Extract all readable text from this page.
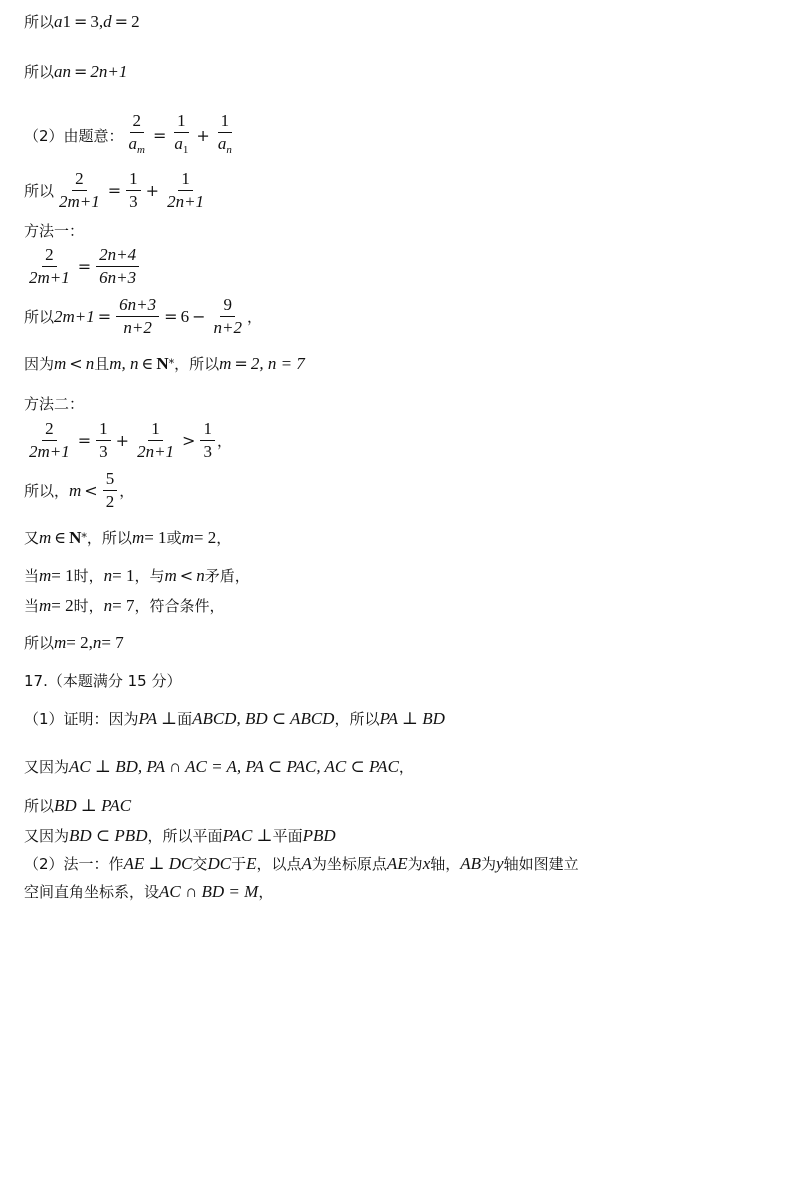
所以 a 1 = 3, d = 2
所以 a n = 2n+1
（2）由题意： $\frac{2}{a_m} = \frac{1}{a_1} + \frac{1}{a_n}$
所以 $\frac{2}{2m+1} = \frac{1}{3} + \frac{1}{2n+1}$
方法一：
$\frac{2}{2m+1} = \frac{2n+4}{6n+3}$
所以 $2m+1 = \frac{6n+3}{n+2} = 6 - \frac{9}{n+2}$ ，
因为 m < n 且 m, n ∈ N * ，所以 m = 2, n = 7
方法二：
$\frac{2}{2m+1} = \frac{1}{3} + \frac{1}{2n+1} > \frac{1}{3}$ ，
所以， $m < \frac{5}{2}$ ，
又 m ∈ N * ，所以 m = 1 或 m = 2 ，
当 m = 1 时， n = 1 ，与 m < n 矛盾，
当 m = 2 时， n = 7 ，符合条件，
所以 m = 2, n = 7
17.（本题满分 15 分）
（1）证明：因为 PA ⊥ 面 ABCD, BD ⊂ ABCD ，所以 PA ⊥ BD
又因为 AC ⊥ BD, PA ∩ AC = A, PA ⊂ PAC, AC ⊂ PAC ，
所以 BD ⊥ PAC
又因为 BD ⊂ PBD ，所以平面 PAC ⊥ 平面 PBD
（2）法一：作 AE ⊥ DC 交 DC 于 E ，以点 A 为坐标原点 AE 为 x 轴， AB 为 y 轴如图建立
空间直角坐标系，设 AC ∩ BD = M ，
